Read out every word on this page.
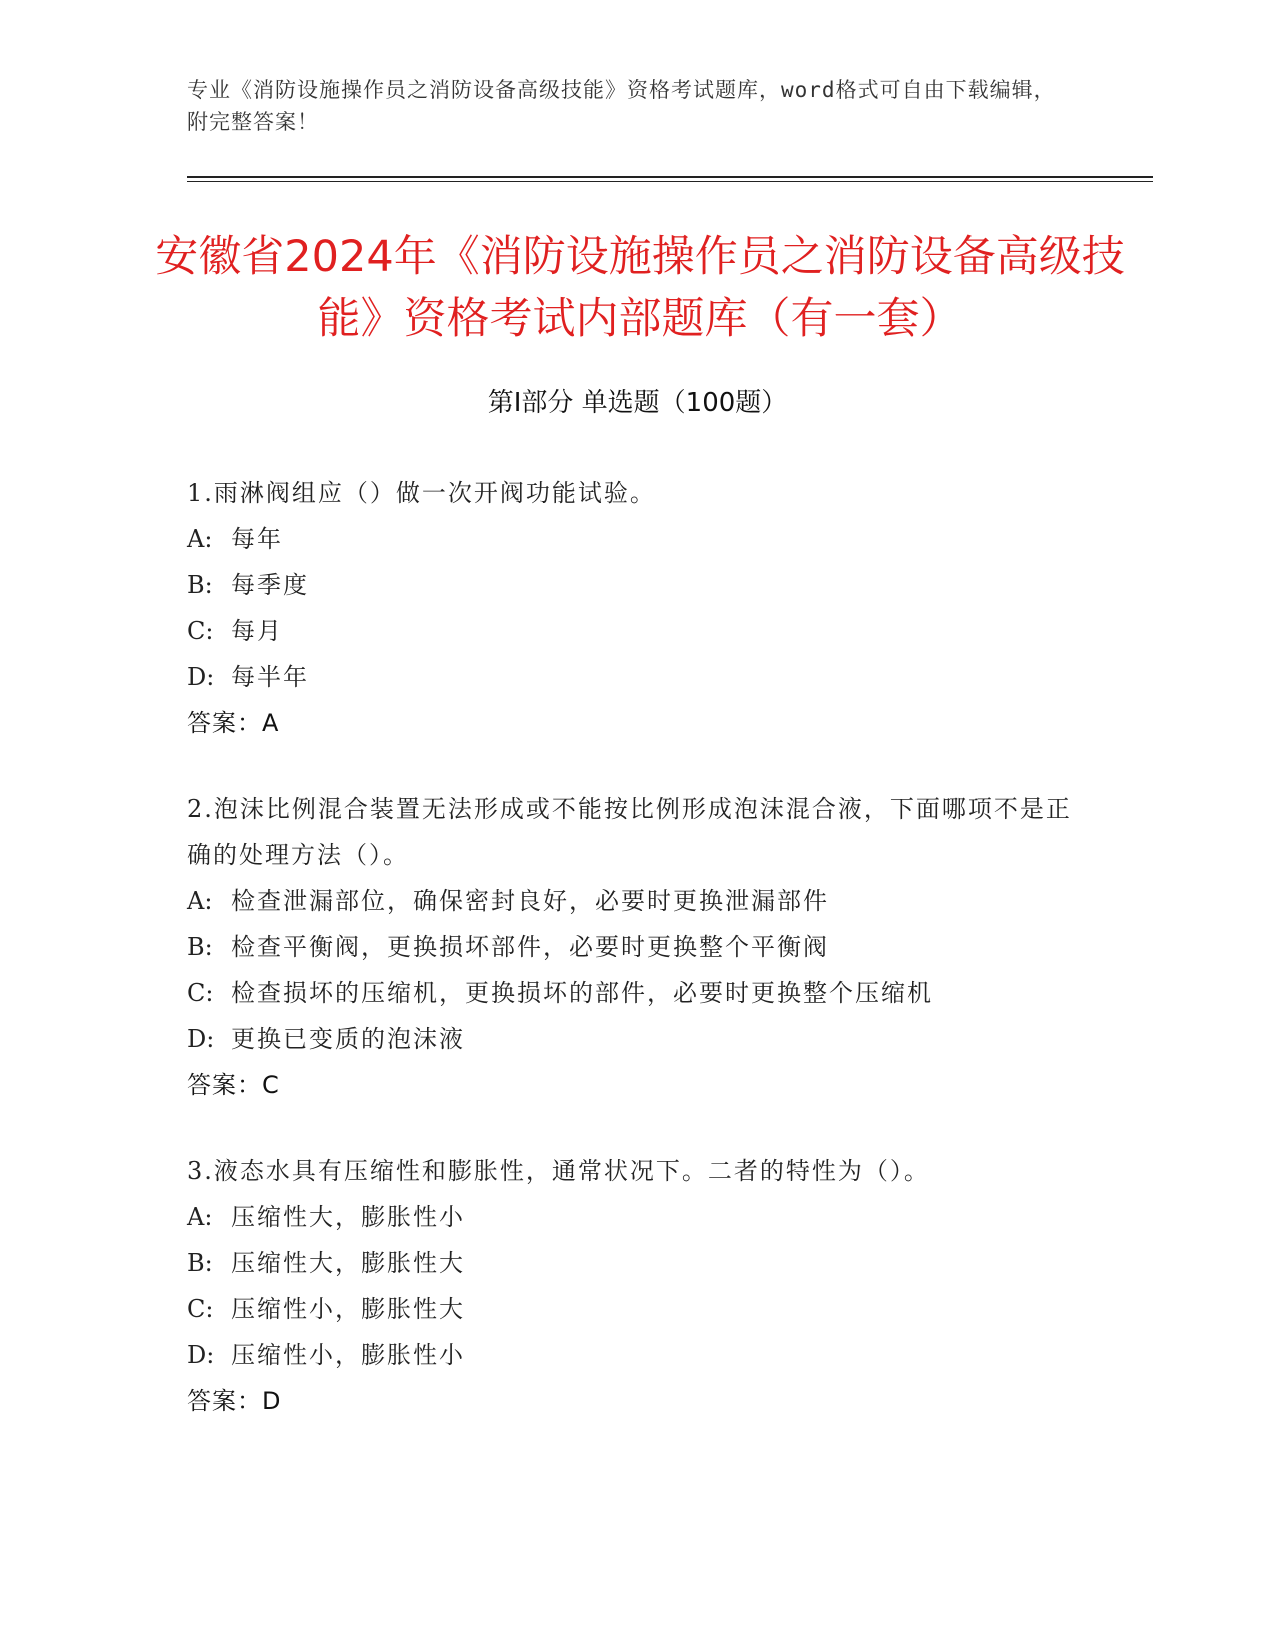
专业《消防设施操作员之消防设备高级技能》资格考试题库，word格式可自由下载编辑，附完整答案！
安徽省2024年《消防设施操作员之消防设备高级技能》资格考试内部题库（有一套）
第Ⅰ部分 单选题（100题）

1.雨淋阀组应（）做一次开阀功能试验。

A: 每年

B: 每季度

C: 每月

D: 每半年

答案：A

2.泡沫比例混合装置无法形成或不能按比例形成泡沫混合液，下面哪项不是正确的处理方法（）。

A: 检查泄漏部位，确保密封良好，必要时更换泄漏部件

B: 检查平衡阀，更换损坏部件，必要时更换整个平衡阀

C: 检查损坏的压缩机，更换损坏的部件，必要时更换整个压缩机

D: 更换已变质的泡沫液

答案：C

3.液态水具有压缩性和膨胀性，通常状况下。二者的特性为（）。

A: 压缩性大，膨胀性小

B: 压缩性大，膨胀性大

C: 压缩性小，膨胀性大

D: 压缩性小，膨胀性小

答案：D
